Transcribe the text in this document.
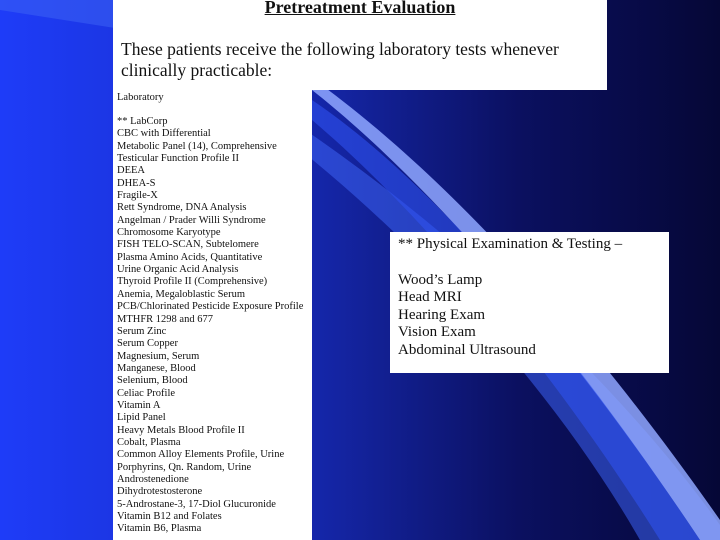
Pretreatment Evaluation
These patients receive the following laboratory tests whenever clinically practicable:
Laboratory
** LabCorp
CBC with Differential
Metabolic Panel (14), Comprehensive
Testicular Function Profile II
DEEA
DHEA-S
Fragile-X
Rett Syndrome, DNA Analysis
Angelman / Prader Willi Syndrome
Chromosome Karyotype
FISH TELO-SCAN, Subtelomere
Plasma Amino Acids, Quantitative
Urine Organic Acid Analysis
Thyroid Profile II (Comprehensive)
Anemia, Megaloblastic Serum
PCB/Chlorinated Pesticide Exposure Profile
MTHFR 1298 and 677
Serum Zinc
Serum Copper
Magnesium, Serum
Manganese, Blood
Selenium, Blood
Celiac Profile
Vitamin A
Lipid Panel
Heavy Metals Blood Profile II
Cobalt, Plasma
Common Alloy Elements Profile, Urine
Porphyrins, Qn. Random, Urine
Androstenedione
Dihydrotestosterone
5-Androstane-3, 17-Diol Glucuronide
Vitamin B12 and Folates
Vitamin B6, Plasma
** Physical Examination & Testing –
Wood’s Lamp
Head MRI
Hearing Exam
Vision Exam
Abdominal Ultrasound
